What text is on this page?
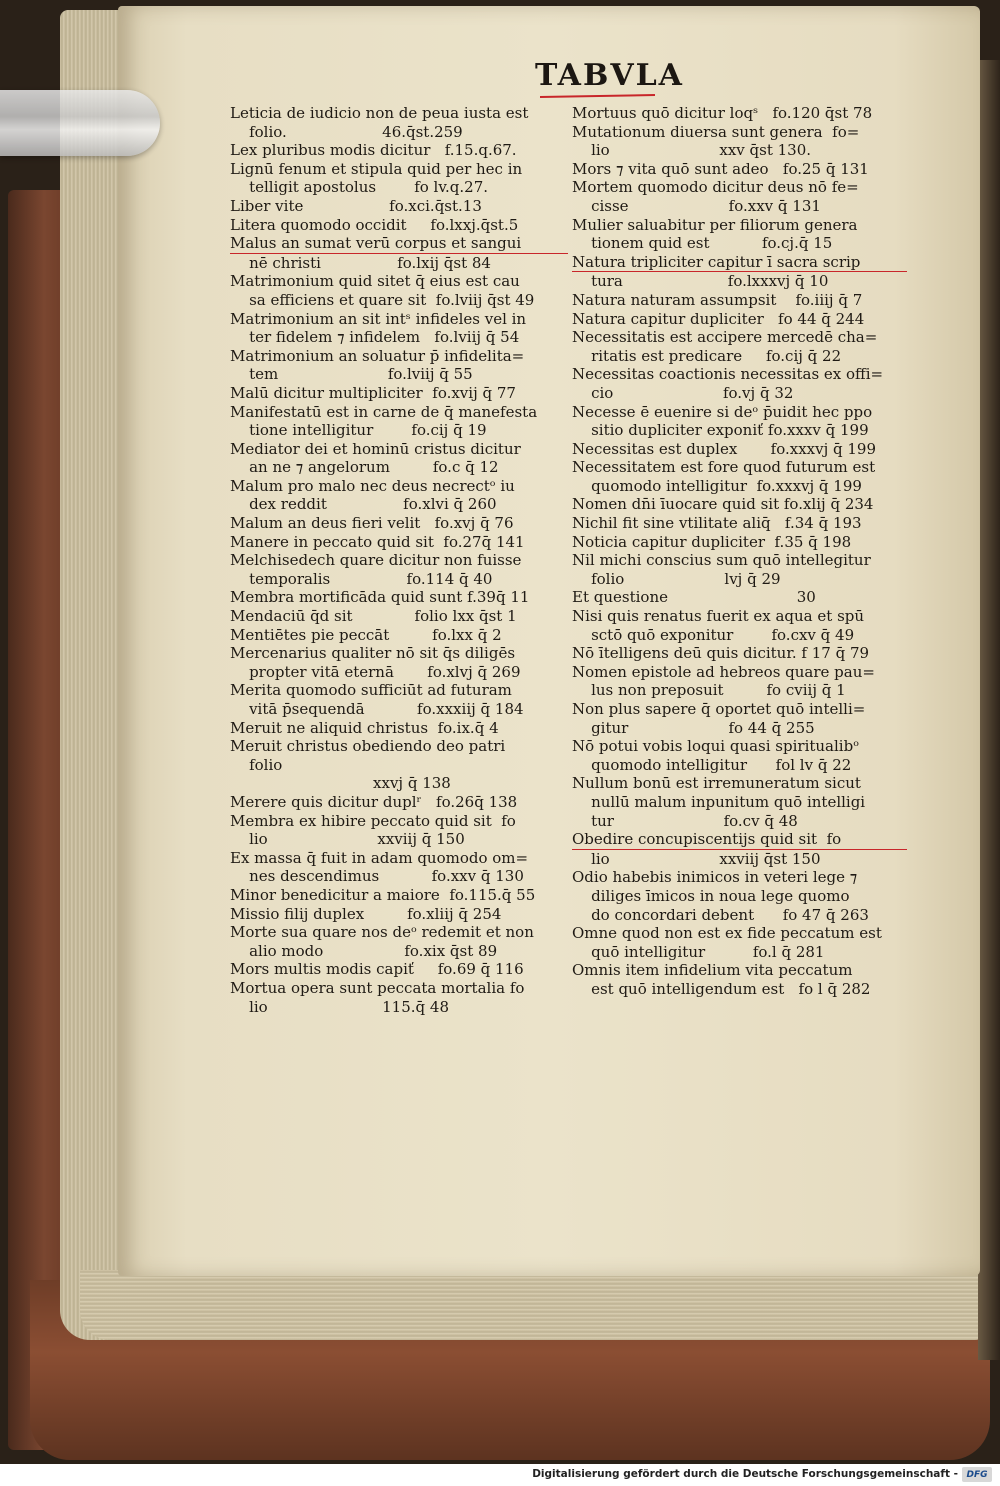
TABVLA
Leticia de iudicio non de peua iusta est
folio.                    46.q̄st.259
Lex pluribus modis dicitur   f.15.q.67.
Lignū fenum et stipula quid per hec in
telligit apostolus        fo lv.q.27.
Liber vite                  fo.xci.q̄st.13
Litera quomodo occidit     fo.lxxj.q̄st.5
Malus an sumat verū corpus et sangui
nē christi                fo.lxij q̄st 84
Matrimonium quid sitet q̄ eius est cau
sa efficiens et quare sit  fo.lviij q̄st 49
Matrimonium an sit intˢ infideles vel in
ter fidelem ⁊ infidelem   fo.lviij q̄ 54
Matrimonium an soluatur p̄ infidelita=
tem                       fo.lviij q̄ 55
Malū dicitur multipliciter  fo.xvij q̄ 77
Manifestatū est in carne de q̄ manefesta
tione intelligitur        fo.cij q̄ 19
Mediator dei et hominū cristus dicitur
an ne ⁊ angelorum         fo.c q̄ 12
Malum pro malo nec deus necrectᵒ iu
dex reddit                fo.xlvi q̄ 260
Malum an deus fieri velit   fo.xvj q̄ 76
Manere in peccato quid sit  fo.27q̄ 141
Melchisedech quare dicitur non fuisse
temporalis                fo.114 q̄ 40
Membra mortificāda quid sunt f.39q̄ 11
Mendaciū q̄d sit             folio lxx q̄st 1
Mentiētes pie peccāt         fo.lxx q̄ 2
Mercenarius qualiter nō sit q̄s diligēs
propter vitā eternā       fo.xlvj q̄ 269
Merita quomodo sufficiūt ad futuram
vitā p̄sequendā           fo.xxxiij q̄ 184
Meruit ne aliquid christus  fo.ix.q̄ 4
Meruit christus obediendo deo patri
folio
xxvj q̄ 138
Merere quis dicitur duplʳ   fo.26q̄ 138
Membra ex hibire peccato quid sit  fo
lio                       xxviij q̄ 150
Ex massa q̄ fuit in adam quomodo om=
nes descendimus           fo.xxv q̄ 130
Minor benedicitur a maiore  fo.115.q̄ 55
Missio filij duplex         fo.xliij q̄ 254
Morte sua quare nos deᵒ redemit et non
alio modo                 fo.xix q̄st 89
Mors multis modis capiť     fo.69 q̄ 116
Mortua opera sunt peccata mortalia fo
lio                        115.q̄ 48
Mortuus quō dicitur loqˢ   fo.120 q̄st 78
Mutationum diuersa sunt genera  fo=
lio                       xxv q̄st 130.
Mors ⁊ vita quō sunt adeo   fo.25 q̄ 131
Mortem quomodo dicitur deus nō fe=
cisse                     fo.xxv q̄ 131
Mulier saluabitur per filiorum genera
tionem quid est           fo.cj.q̄ 15
Natura tripliciter capitur ī sacra scrip
tura                      fo.lxxxvj q̄ 10
Natura naturam assumpsit    fo.iiij q̄ 7
Natura capitur dupliciter   fo 44 q̄ 244
Necessitatis est accipere mercedē cha=
ritatis est predicare     fo.cij q̄ 22
Necessitas coactionis necessitas ex offi=
cio                       fo.vj q̄ 32
Necesse ē euenire si deᵒ p̄uidit hec ppo
sitio dupliciter exponiť fo.xxxv q̄ 199
Necessitas est duplex       fo.xxxvj q̄ 199
Necessitatem est fore quod futurum est
quomodo intelligitur  fo.xxxvj q̄ 199
Nomen dn̄i īuocare quid sit fo.xlij q̄ 234
Nichil fit sine vtilitate aliq̄   f.34 q̄ 193
Noticia capitur dupliciter  f.35 q̄ 198
Nil michi conscius sum quō intellegitur
folio                     lvj q̄ 29
Et questione                           30
Nisi quis renatus fuerit ex aqua et spū
sctō quō exponitur        fo.cxv q̄ 49
Nō ītelligens deū quis dicitur. f 17 q̄ 79
Nomen epistole ad hebreos quare pau=
lus non preposuit         fo cviij q̄ 1
Non plus sapere q̄ oportet quō intelli=
gitur                     fo 44 q̄ 255
Nō potui vobis loqui quasi spiritualibᵒ
quomodo intelligitur      fol lv q̄ 22
Nullum bonū est irremuneratum sicut
nullū malum inpunitum quō intelligi
tur                       fo.cv q̄ 48
Obedire concupiscentijs quid sit  fo
lio                       xxviij q̄st 150
Odio habebis inimicos in veteri lege ⁊
diliges īmicos in noua lege quomo
do concordari debent      fo 47 q̄ 263
Omne quod non est ex fide peccatum est
quō intelligitur          fo.l q̄ 281
Omnis item infidelium vita peccatum
est quō intelligendum est   fo l q̄ 282
Digitalisierung gefördert durch die Deutsche Forschungsgemeinschaft - DFG
